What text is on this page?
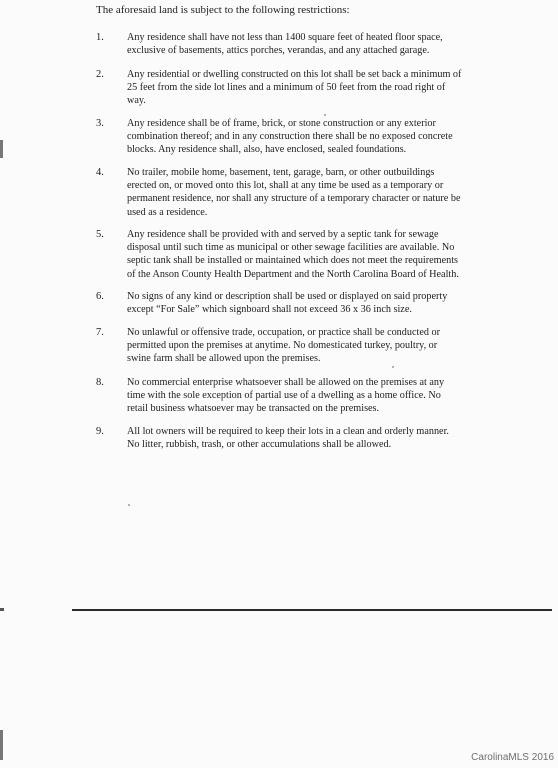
The aforesaid land is subject to the following restrictions:
1. Any residence shall have not less than 1400 square feet of heated floor space,
exclusive of basements, attics porches, verandas, and any attached garage.
2. Any residential or dwelling constructed on this lot shall be set back a minimum of
25 feet from the side lot lines and a minimum of 50 feet from the road right of
way.
3. Any residence shall be of frame, brick, or stone construction or any exterior
combination thereof; and in any construction there shall be no exposed concrete
blocks. Any residence shall, also, have enclosed, sealed foundations.
4. No trailer, mobile home, basement, tent, garage, barn, or other outbuildings
erected on, or moved onto this lot, shall at any time be used as a temporary or
permanent residence, nor shall any structure of a temporary character or nature be
used as a residence.
5. Any residence shall be provided with and served by a septic tank for sewage
disposal until such time as municipal or other sewage facilities are available. No
septic tank shall be installed or maintained which does not meet the requirements
of the Anson County Health Department and the North Carolina Board of Health.
6. No signs of any kind or description shall be used or displayed on said property
except “For Sale” which signboard shall not exceed 36 x 36 inch size.
7. No unlawful or offensive trade, occupation, or practice shall be conducted or
permitted upon the premises at anytime. No domesticated turkey, poultry, or
swine farm shall be allowed upon the premises.
8. No commercial enterprise whatsoever shall be allowed on the premises at any
time with the sole exception of partial use of a dwelling as a home office. No
retail business whatsoever may be transacted on the premises.
9. All lot owners will be required to keep their lots in a clean and orderly manner.
No litter, rubbish, trash, or other accumulations shall be allowed.
CarolinaMLS 2016
